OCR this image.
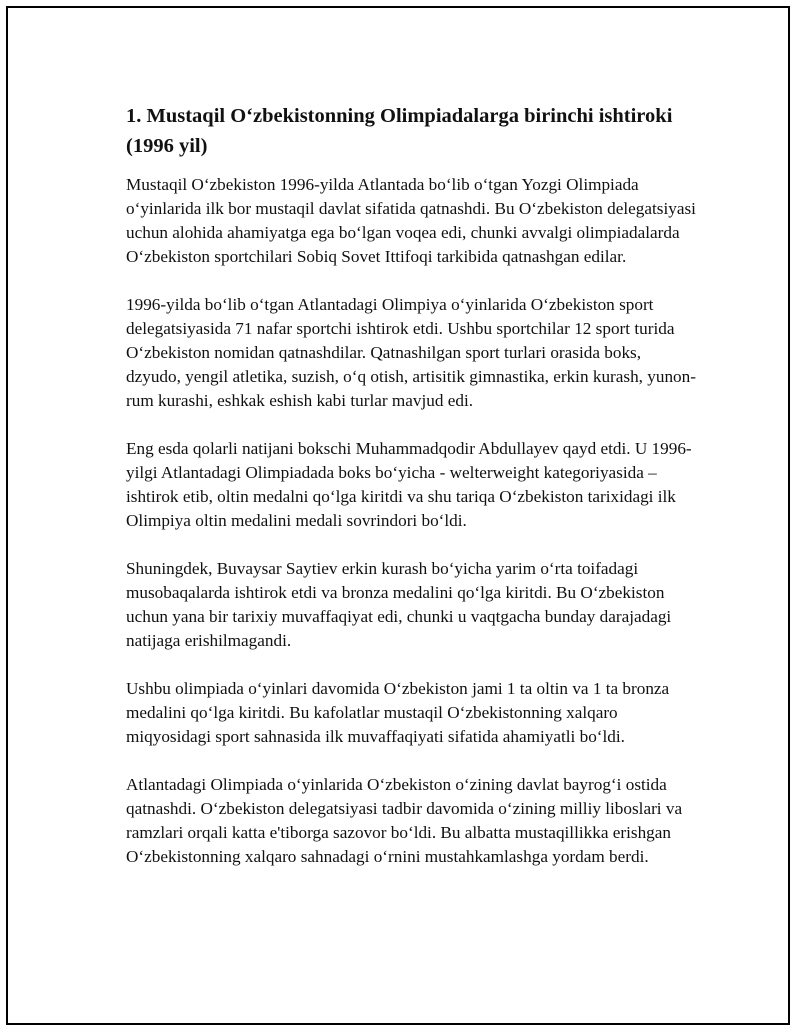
1. Mustaqil O‘zbekistonning Olimpiadalarga birinchi ishtiroki (1996 yil)

Mustaqil O‘zbekiston 1996-yilda Atlantada bo‘lib o‘tgan Yozgi Olimpiada o‘yinlarida ilk bor mustaqil davlat sifatida qatnashdi. Bu O‘zbekiston delegatsiyasi uchun alohida ahamiyatga ega bo‘lgan voqea edi, chunki avvalgi olimpiadalarda O‘zbekiston sportchilari Sobiq Sovet Ittifoqi tarkibida qatnashgan edilar.

1996-yilda bo‘lib o‘tgan Atlantadagi Olimpiya o‘yinlarida O‘zbekiston sport delegatsiyasida 71 nafar sportchi ishtirok etdi. Ushbu sportchilar 12 sport turida O‘zbekiston nomidan qatnashdilar. Qatnashilgan sport turlari orasida boks, dzyudo, yengil atletika, suzish, o‘q otish, artisitik gimnastika, erkin kurash, yunon-rum kurashi, eshkak eshish kabi turlar mavjud edi.

Eng esda qolarli natijani bokschi Muhammadqodir Abdullayev qayd etdi. U 1996-yilgi Atlantadagi Olimpiadada boks bo‘yicha - welterweight kategoriyasida – ishtirok etib, oltin medalni qo‘lga kiritdi va shu tariqa O‘zbekiston tarixidagi ilk Olimpiya oltin medalini medali sovrindori bo‘ldi.

Shuningdek, Buvaysar Saytiev erkin kurash bo‘yicha yarim o‘rta toifadagi musobaqalarda ishtirok etdi va bronza medalini qo‘lga kiritdi. Bu O‘zbekiston uchun yana bir tarixiy muvaffaqiyat edi, chunki u vaqtgacha bunday darajadagi natijaga erishilmagandi.

Ushbu olimpiada o‘yinlari davomida O‘zbekiston jami 1 ta oltin va 1 ta bronza medalini qo‘lga kiritdi. Bu kafolatlar mustaqil O‘zbekistonning xalqaro miqyosidagi sport sahnasida ilk muvaffaqiyati sifatida ahamiyatli bo‘ldi.

Atlantadagi Olimpiada o‘yinlarida O‘zbekiston o‘zining davlat bayrog‘i ostida qatnashdi. O‘zbekiston delegatsiyasi tadbir davomida o‘zining milliy liboslari va ramzlari orqali katta e'tiborga sazovor bo‘ldi. Bu albatta mustaqillikka erishgan O‘zbekistonning xalqaro sahnadagi o‘rnini mustahkamlashga yordam berdi.
